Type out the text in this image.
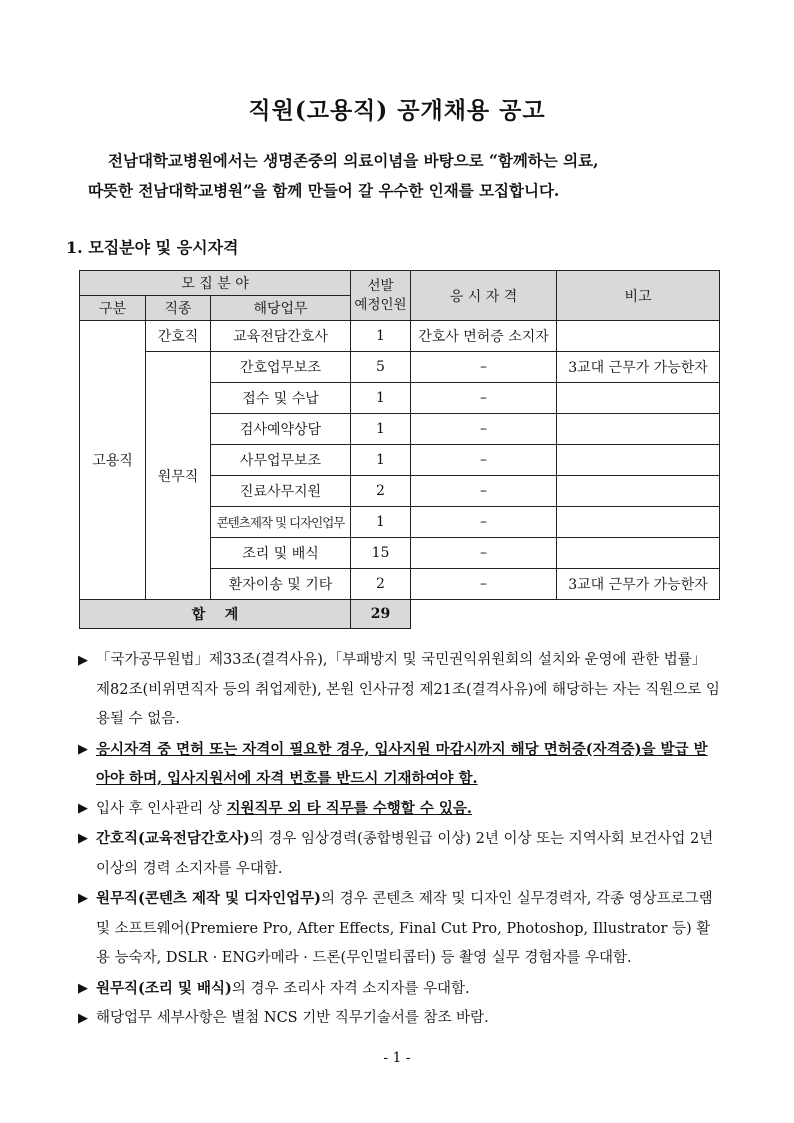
직원(고용직) 공개채용 공고
전남대학교병원에서는 생명존중의 의료이념을 바탕으로 “함께하는 의료,
따뜻한 전남대학교병원”을 함께 만들어 갈 우수한 인재를 모집합니다.
1. 모집분야 및 응시자격
모 집 분 야			선발
예정인원	응 시 자 격	비고
구분	직종	해당업무			
고용직	간호직	교육전담간호사	1	간호사 면허증 소지자	
	원무직	간호업무보조	5	–	3교대 근무가 가능한자
		접수 및 수납	1	–	
		검사예약상담	1	–	
		사무업무보조	1	–	
		진료사무지원	2	–	
		콘텐츠제작 및 디자인업무	1	–	
		조리 및 배식	15	–	
		환자이송 및 기타	2	–	3교대 근무가 가능한자
합    계			29		
▶ 「국가공무원법」제33조(결격사유),「부패방지 및 국민권익위원회의 설치와 운영에 관한 법률」제82조(비위면직자 등의 취업제한), 본원 인사규정 제21조(결격사유)에 해당하는 자는 직원으로 임용될 수 없음.
▶ 응시자격 중 면허 또는 자격이 필요한 경우, 입사지원 마감시까지 해당 면허증(자격증)을 발급 받아야 하며, 입사지원서에 자격 번호를 반드시 기재하여야 함.
▶ 입사 후 인사관리 상 지원직무 외 타 직무를 수행할 수 있음.
▶ 간호직(교육전담간호사)의 경우 임상경력(종합병원급 이상) 2년 이상 또는 지역사회 보건사업 2년 이상의 경력 소지자를 우대함.
▶ 원무직(콘텐츠 제작 및 디자인업무)의 경우 콘텐츠 제작 및 디자인 실무경력자, 각종 영상프로그램 및 소프트웨어(Premiere Pro, After Effects, Final Cut Pro, Photoshop, Illustrator 등) 활용 능숙자, DSLR · ENG카메라 · 드론(무인멀티콥터) 등 촬영 실무 경험자를 우대함.
▶ 원무직(조리 및 배식)의 경우 조리사 자격 소지자를 우대함.
▶ 해당업무 세부사항은 별첨 NCS 기반 직무기술서를 참조 바람.
- 1 -
